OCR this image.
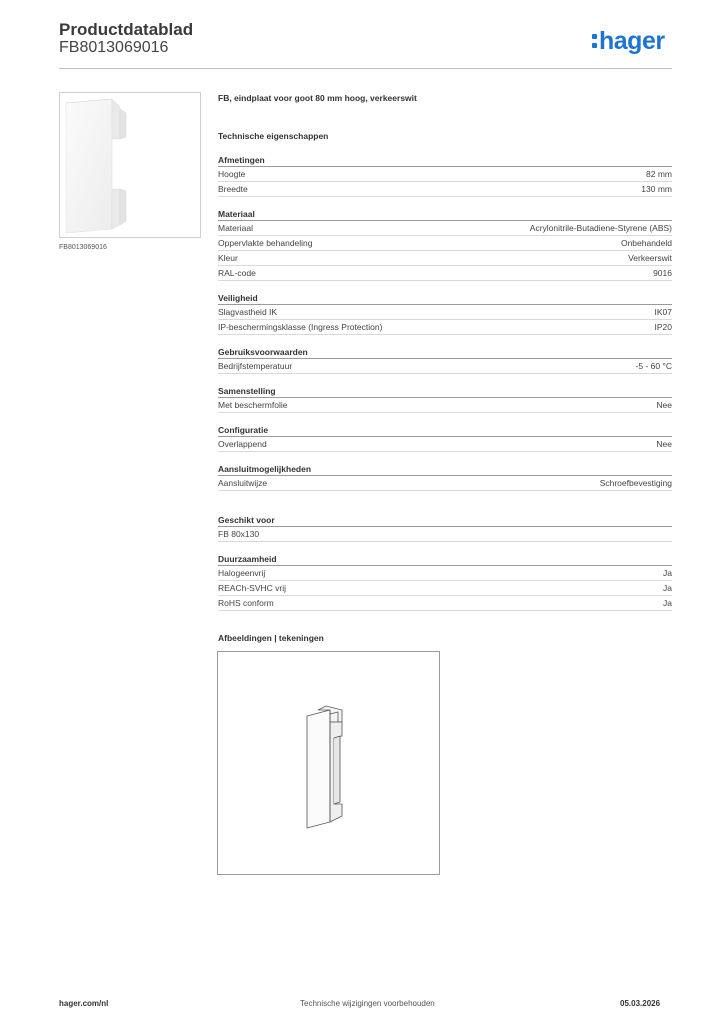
Productdatablad
FB8013069016	hager
FB8013069016
FB, eindplaat voor goot 80 mm hoog, verkeerswit
Technische eigenschappen
Afmetingen
Hoogte	82 mm
Breedte	130 mm
Materiaal
Materiaal	Acrylonitrile-Butadiene-Styrene (ABS)
Oppervlakte behandeling	Onbehandeld
Kleur	Verkeerswit
RAL-code	9016
Veiligheid
Slagvastheid IK	IK07
IP-beschermingsklasse (Ingress Protection)	IP20
Gebruiksvoorwaarden
Bedrijfstemperatuur	-5 - 60 °C
Samenstelling
Met beschermfolie	Nee
Configuratie
Overlappend	Nee
Aansluitmogelijkheden
Aansluitwijze	Schroefbevestiging
Geschikt voor
FB 80x130
Duurzaamheid
Halogeenvrij	Ja
REACh-SVHC vrij	Ja
RoHS conform	Ja
Afbeeldingen | tekeningen
hager.com/nl	Technische wijzigingen voorbehouden	05.03.2026
